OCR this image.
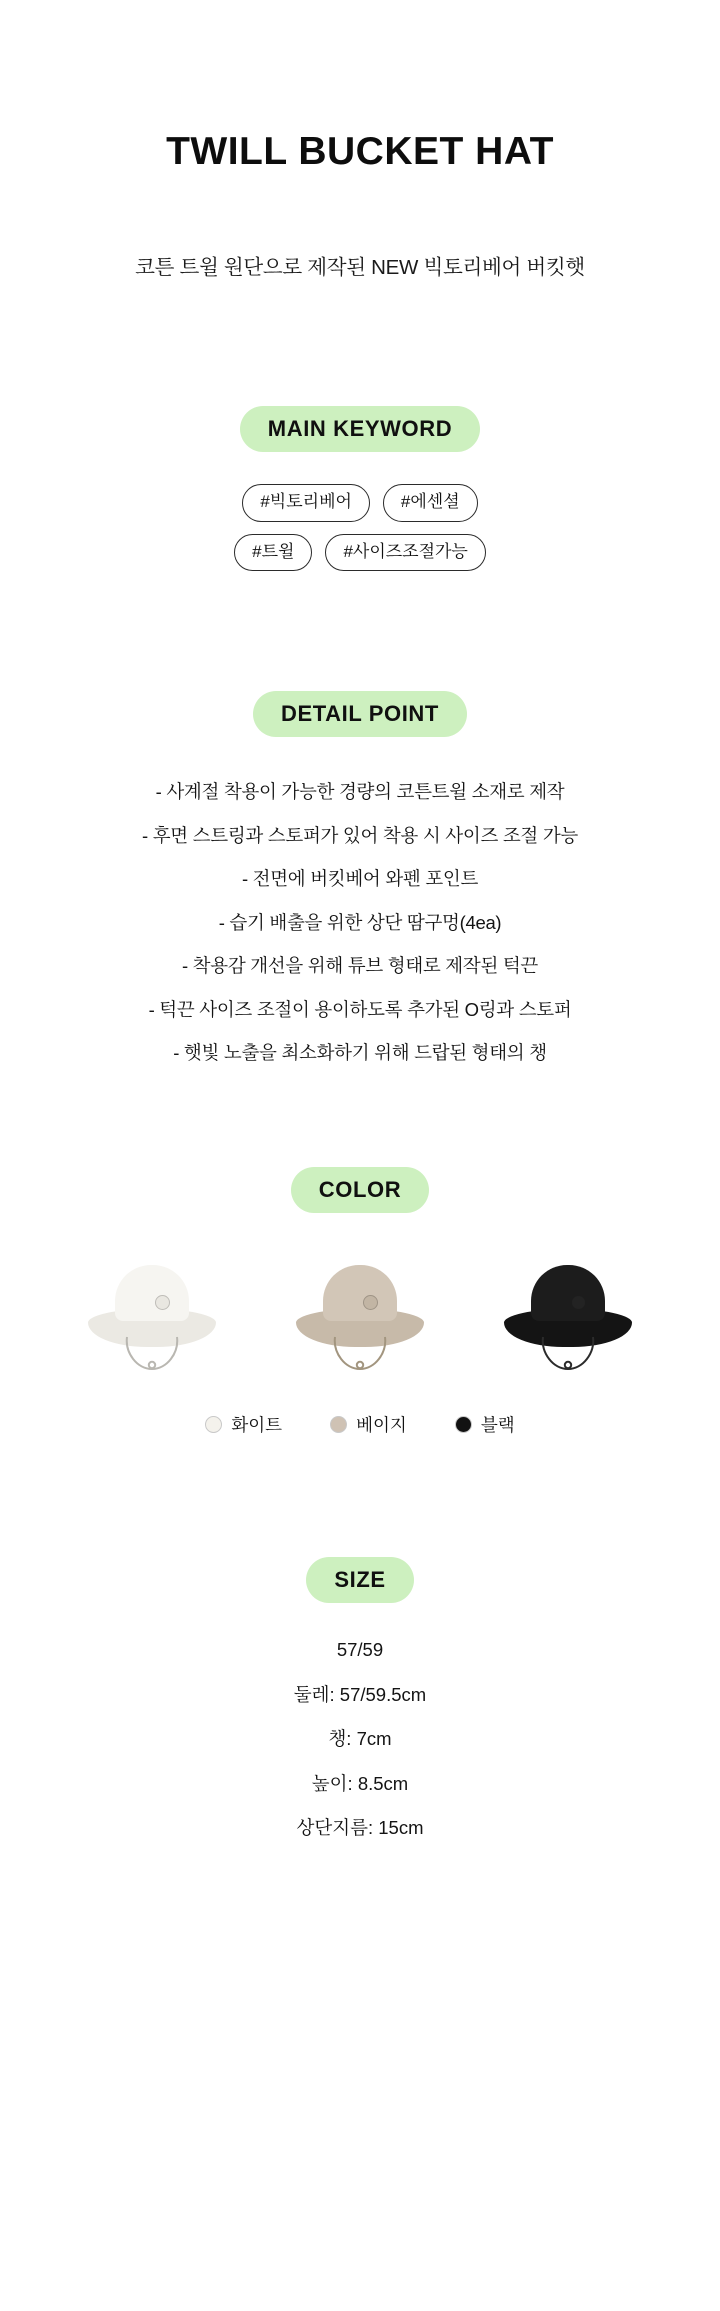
TWILL BUCKET HAT

코튼 트윌 원단으로 제작된 NEW 빅토리베어 버킷햇

MAIN KEYWORD
#빅토리베어	#에센셜
#트윌	#사이즈조절가능
DETAIL POINT

- 사계절 착용이 가능한 경량의 코튼트윌 소재로 제작

- 후면 스트링과 스토퍼가 있어 착용 시 사이즈 조절 가능

- 전면에 버킷베어 와펜 포인트

- 습기 배출을 위한 상단 땀구멍(4ea)

- 착용감 개선을 위해 튜브 형태로 제작된 턱끈

- 턱끈 사이즈 조절이 용이하도록 추가된 O링과 스토퍼

- 햇빛 노출을 최소화하기 위해 드랍된 형태의 챙

COLOR
화이트	베이지	블랙
SIZE

57/59

둘레: 57/59.5cm

챙: 7cm

높이: 8.5cm

상단지름: 15cm
